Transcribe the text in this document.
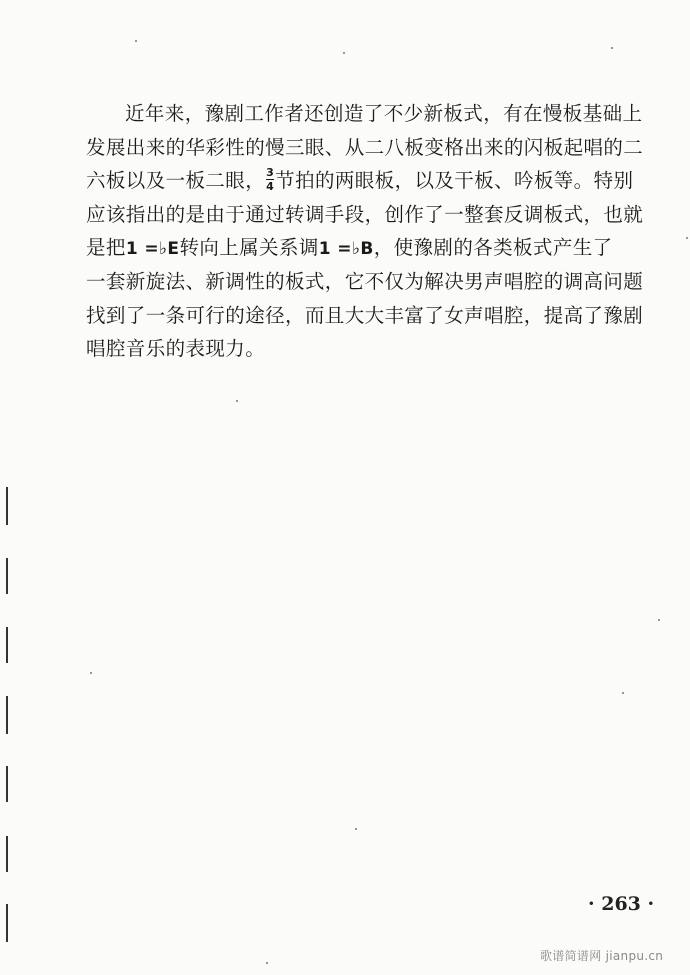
近年来，豫剧工作者还创造了不少新板式，有在慢板基础上
发展出来的华彩性的慢三眼、从二八板变格出来的闪板起唱的二
六板以及一板二眼， $\frac{3}{4}$ 节拍的两眼板，以及干板、吟板等。特别
应该指出的是由于通过转调手段，创作了一整套反调板式，也就
是把1 =♭E转向上属关系调1 =♭B，使豫剧的各类板式产生了
一套新旋法、新调性的板式，它不仅为解决男声唱腔的调高问题
找到了一条可行的途径，而且大大丰富了女声唱腔，提高了豫剧
唱腔音乐的表现力。
· 263 ·
歌谱简谱网 jianpu.cn
